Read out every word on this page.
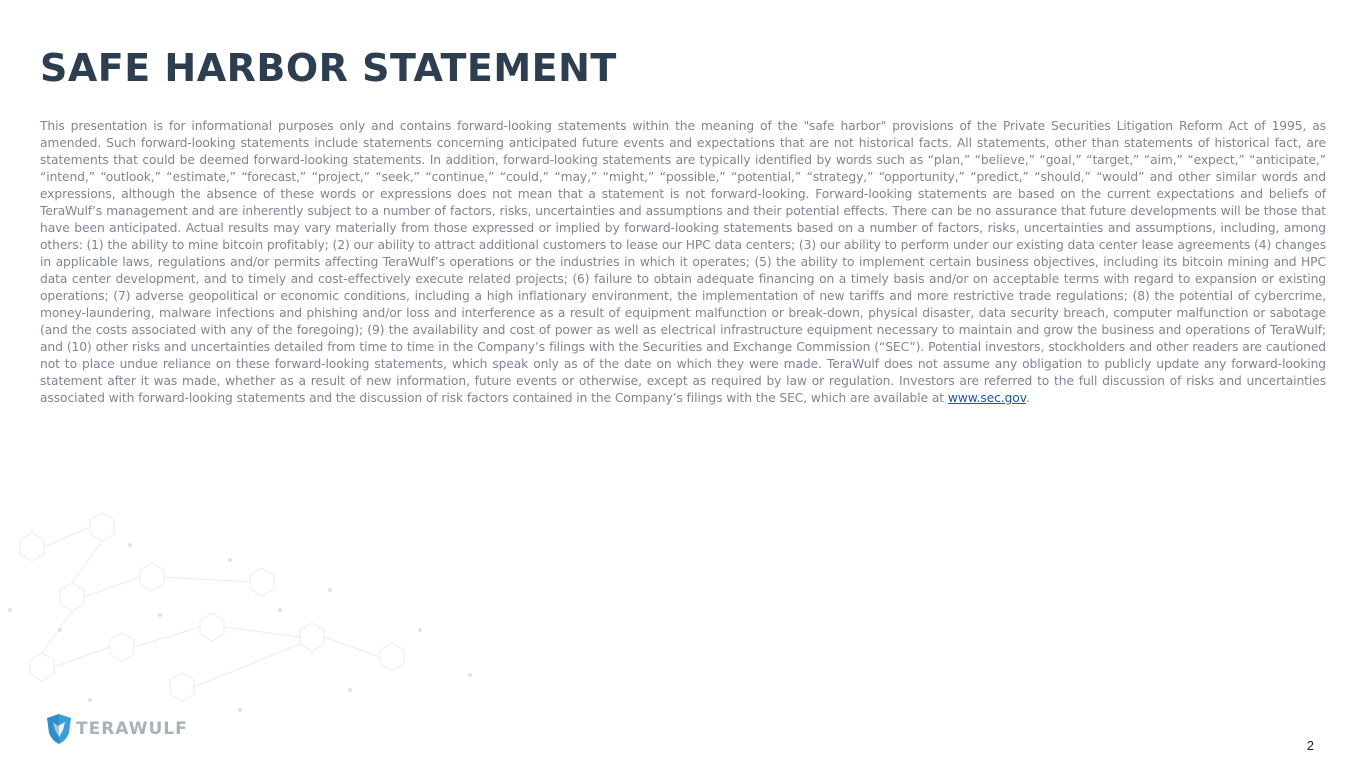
SAFE HARBOR STATEMENT

This presentation is for informational purposes only and contains forward-looking statements within the meaning of the "safe harbor" provisions of the Private Securities Litigation Reform Act of 1995, as amended. Such forward-looking statements include statements concerning anticipated future events and expectations that are not historical facts. All statements, other than statements of historical fact, are statements that could be deemed forward-looking statements. In addition, forward-looking statements are typically identified by words such as “plan,” “believe,” “goal,” “target,” “aim,” “expect,” “anticipate,” “intend,” “outlook,” “estimate,” “forecast,” “project,” “seek,” “continue,” “could,” “may,” “might,” “possible,” “potential,” “strategy,” “opportunity,” “predict,” “should,” “would” and other similar words and expressions, although the absence of these words or expressions does not mean that a statement is not forward-looking. Forward-looking statements are based on the current expectations and beliefs of TeraWulf’s management and are inherently subject to a number of factors, risks, uncertainties and assumptions and their potential effects. There can be no assurance that future developments will be those that have been anticipated. Actual results may vary materially from those expressed or implied by forward-looking statements based on a number of factors, risks, uncertainties and assumptions, including, among others: (1) the ability to mine bitcoin profitably; (2) our ability to attract additional customers to lease our HPC data centers; (3) our ability to perform under our existing data center lease agreements (4) changes in applicable laws, regulations and/or permits affecting TeraWulf’s operations or the industries in which it operates; (5) the ability to implement certain business objectives, including its bitcoin mining and HPC data center development, and to timely and cost-effectively execute related projects; (6) failure to obtain adequate financing on a timely basis and/or on acceptable terms with regard to expansion or existing operations; (7) adverse geopolitical or economic conditions, including a high inflationary environment, the implementation of new tariffs and more restrictive trade regulations; (8) the potential of cybercrime, money-laundering, malware infections and phishing and/or loss and interference as a result of equipment malfunction or break-down, physical disaster, data security breach, computer malfunction or sabotage (and the costs associated with any of the foregoing); (9) the availability and cost of power as well as electrical infrastructure equipment necessary to maintain and grow the business and operations of TeraWulf; and (10) other risks and uncertainties detailed from time to time in the Company’s filings with the Securities and Exchange Commission (“SEC”). Potential investors, stockholders and other readers are cautioned not to place undue reliance on these forward-looking statements, which speak only as of the date on which they were made. TeraWulf does not assume any obligation to publicly update any forward-looking statement after it was made, whether as a result of new information, future events or otherwise, except as required by law or regulation. Investors are referred to the full discussion of risks and uncertainties associated with forward-looking statements and the discussion of risk factors contained in the Company’s filings with the SEC, which are available at www.sec.gov.

TERAWULF
2
